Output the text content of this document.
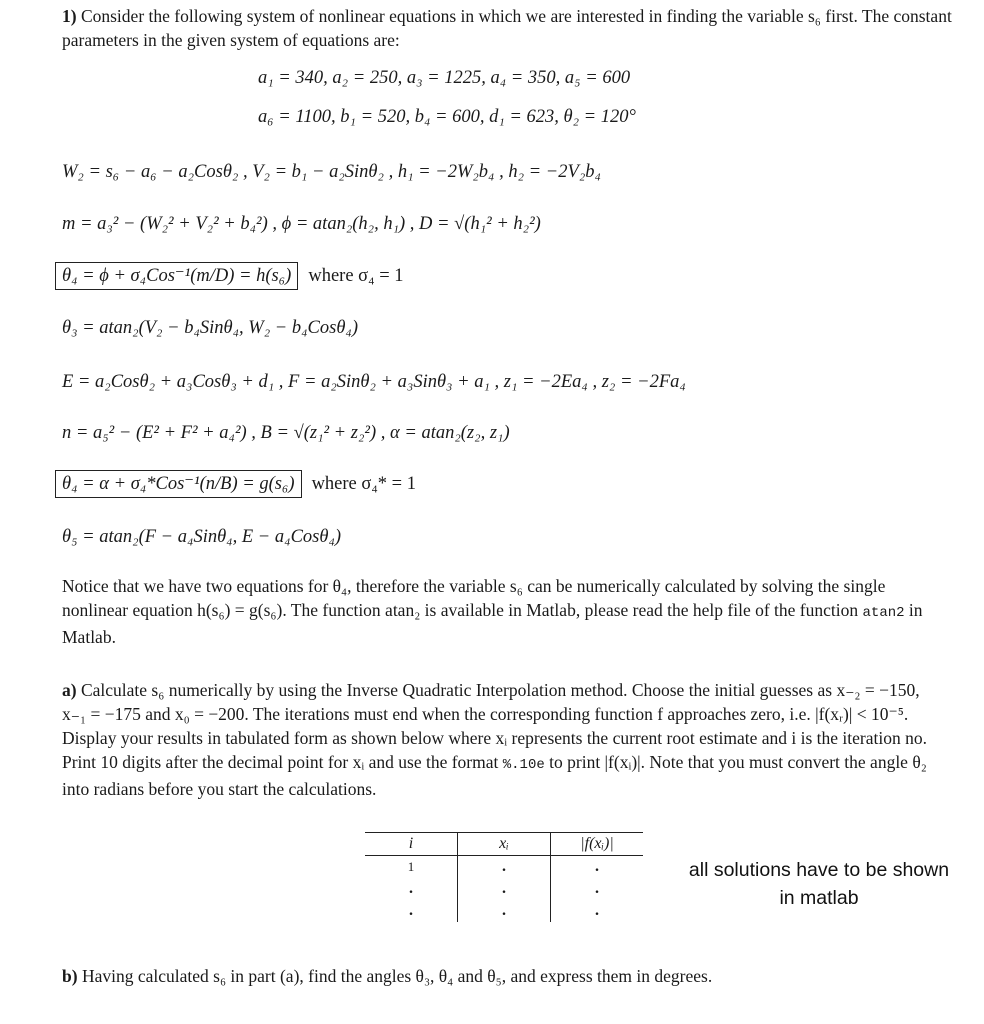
1) Consider the following system of nonlinear equations in which we are interested in finding the variable s₆ first. The constant parameters in the given system of equations are:

a₁ = 340, a₂ = 250, a₃ = 1225, a₄ = 350, a₅ = 600
a₆ = 1100, b₁ = 520, b₄ = 600, d₁ = 623, θ₂ = 120°
W₂ = s₆ − a₆ − a₂Cosθ₂ , V₂ = b₁ − a₂Sinθ₂ , h₁ = −2W₂b₄ , h₂ = −2V₂b₄
m = a₃² − (W₂² + V₂² + b₄²) , ϕ = atan₂(h₂, h₁) , D = √(h₁² + h₂²)
θ₄ = ϕ + σ₄Cos⁻¹(m/D) = h(s₆) where σ₄ = 1
θ₃ = atan₂(V₂ − b₄Sinθ₄, W₂ − b₄Cosθ₄)
E = a₂Cosθ₂ + a₃Cosθ₃ + d₁ , F = a₂Sinθ₂ + a₃Sinθ₃ + a₁ , z₁ = −2Ea₄ , z₂ = −2Fa₄
n = a₅² − (E² + F² + a₄²) , B = √(z₁² + z₂²) , α = atan₂(z₂, z₁)
θ₄ = α + σ₄*Cos⁻¹(n/B) = g(s₆) where σ₄* = 1
θ₅ = atan₂(F − a₄Sinθ₄, E − a₄Cosθ₄)

Notice that we have two equations for θ₄, therefore the variable s₆ can be numerically calculated by solving the single nonlinear equation h(s₆) = g(s₆). The function atan₂ is available in Matlab, please read the help file of the function atan2 in Matlab.

a) Calculate s₆ numerically by using the Inverse Quadratic Interpolation method. Choose the initial guesses as x₋₂ = −150, x₋₁ = −175 and x₀ = −200. The iterations must end when the corresponding function f approaches zero, i.e. |f(xᵣ)| < 10⁻⁵. Display your results in tabulated form as shown below where xᵢ represents the current root estimate and i is the iteration no. Print 10 digits after the decimal point for xᵢ and use the format %.10e to print |f(xᵢ)|. Note that you must convert the angle θ₂ into radians before you start the calculations.

i	xᵢ	|f(xᵢ)|
1	.	.
.	.	.
.	.	.
all solutions have to be shown
in matlab

b) Having calculated s₆ in part (a), find the angles θ₃, θ₄ and θ₅, and express them in degrees.
